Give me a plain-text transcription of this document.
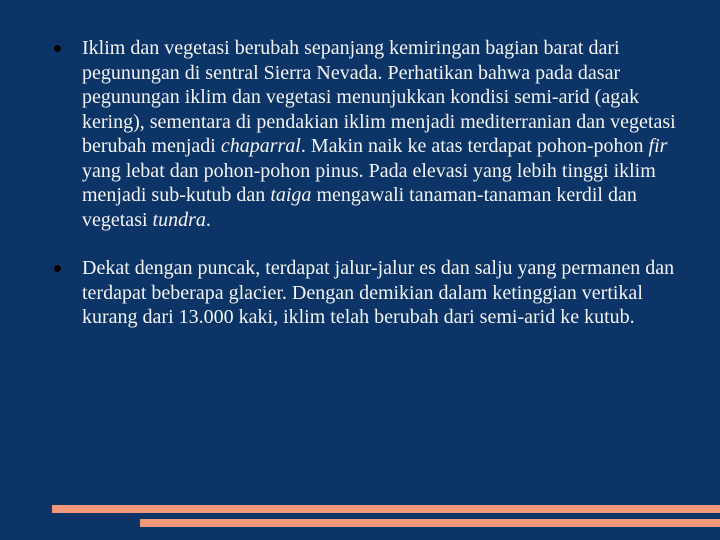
Iklim dan vegetasi berubah sepanjang kemiringan bagian barat dari pegunungan di sentral Sierra Nevada. Perhatikan bahwa pada dasar pegunungan iklim dan vegetasi menunjukkan kondisi semi-arid (agak kering), sementara di pendakian iklim menjadi mediterranian dan vegetasi berubah menjadi chaparral. Makin naik ke atas terdapat pohon-pohon fir yang lebat dan pohon-pohon pinus. Pada elevasi yang lebih tinggi iklim menjadi sub-kutub dan taiga mengawali tanaman-tanaman kerdil dan vegetasi tundra.
Dekat dengan puncak, terdapat jalur-jalur es dan salju yang permanen dan terdapat beberapa glacier. Dengan demikian dalam ketinggian vertikal kurang dari 13.000 kaki, iklim telah berubah dari semi-arid ke kutub.
